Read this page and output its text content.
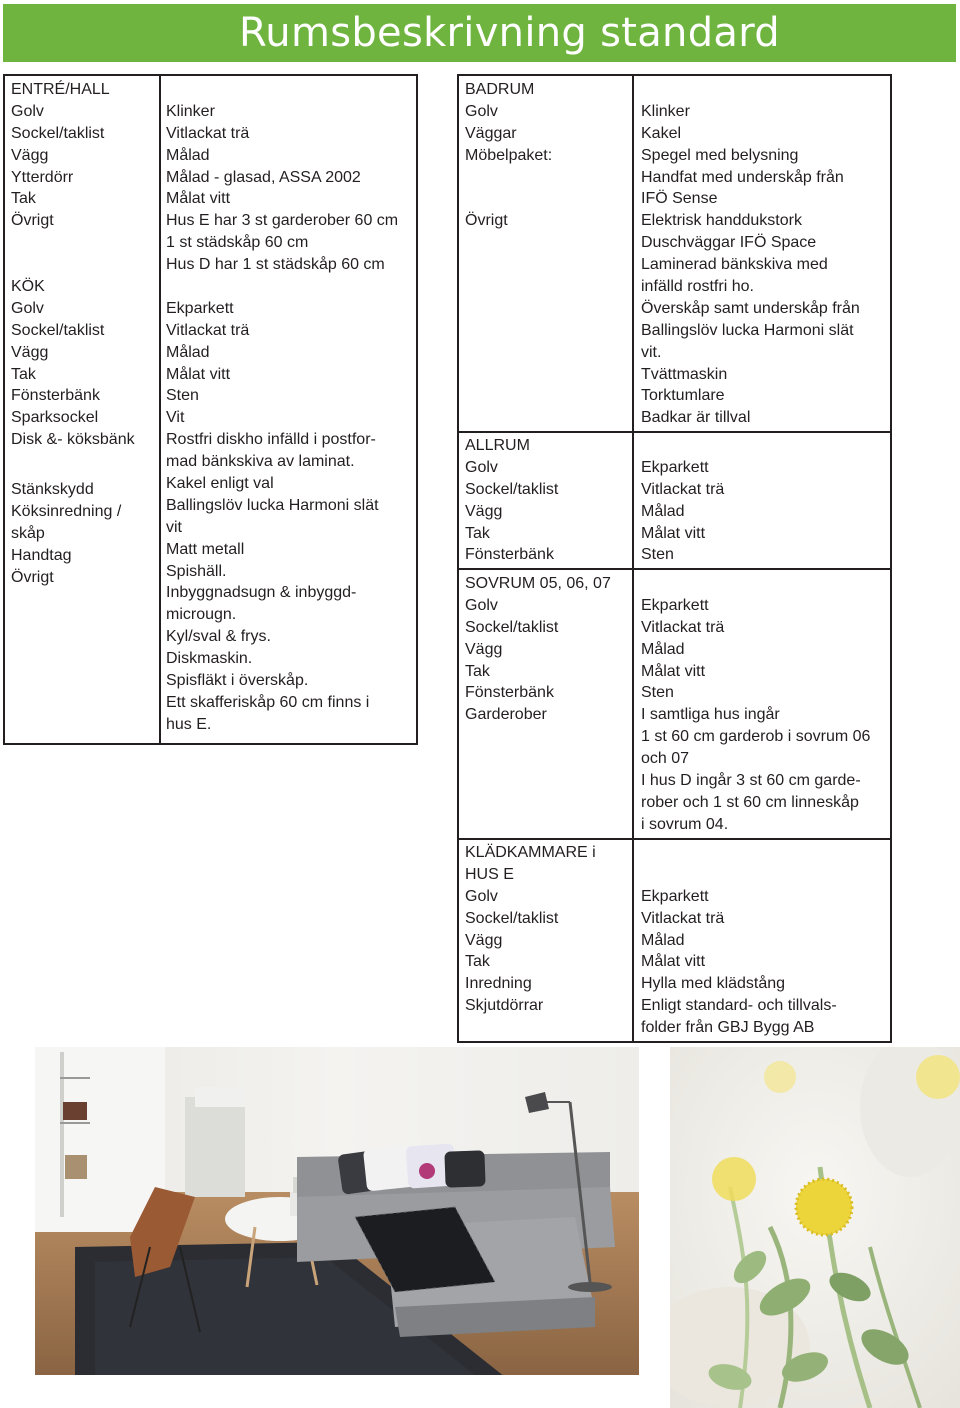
Rumsbeskrivning standard
ENTRÉ/HALL
Golv
Sockel/taklist
Vägg
Ytterdörr
Tak
Övrigt
KÖK
Golv
Sockel/taklist
Vägg
Tak
Fönsterbänk
Sparksockel
Disk &- köksbänk
Stänkskydd
Köksinredning /
skåp
Handtag
Övrigt
Klinker
Vitlackat trä
Målad
Målad - glasad, ASSA 2002
Målat vitt
Hus E har 3 st garderober 60 cm
1 st städskåp 60 cm
Hus D har 1 st städskåp 60 cm
Ekparkett
Vitlackat trä
Målad
Målat vitt
Sten
Vit
Rostfri diskho infälld i postfor-
mad bänkskiva av laminat.
Kakel enligt val
Ballingslöv lucka Harmoni slät
vit
Matt metall
Spishäll.
Inbyggnadsugn & inbyggd-
microugn.
Kyl/sval & frys.
Diskmaskin.
Spisfläkt i överskåp.
Ett skafferiskåp 60 cm finns i
hus E.
BADRUM
Golv
Väggar
Möbelpaket:
Övrigt
Klinker
Kakel
Spegel med belysning
Handfat med underskåp från
IFÖ Sense
Elektrisk handdukstork
Duschväggar IFÖ Space
Laminerad bänkskiva med
infälld rostfri ho.
Överskåp samt underskåp från
Ballingslöv lucka Harmoni slät
vit.
Tvättmaskin
Torktumlare
Badkar är tillval
ALLRUM
Golv
Sockel/taklist
Vägg
Tak
Fönsterbänk
Ekparkett
Vitlackat trä
Målad
Målat vitt
Sten
SOVRUM 05, 06, 07
Golv
Sockel/taklist
Vägg
Tak
Fönsterbänk
Garderober
Ekparkett
Vitlackat trä
Målad
Målat vitt
Sten
I samtliga hus ingår
1 st 60 cm garderob i sovrum 06
och 07
I hus D ingår 3 st 60 cm garde-
rober och 1 st 60 cm linneskåp
i sovrum 04.
KLÄDKAMMARE i
HUS E
Golv
Sockel/taklist
Vägg
Tak
Inredning
Skjutdörrar
Ekparkett
Vitlackat trä
Målad
Målat vitt
Hylla med klädstång
Enligt standard- och tillvals-
folder från GBJ Bygg AB
